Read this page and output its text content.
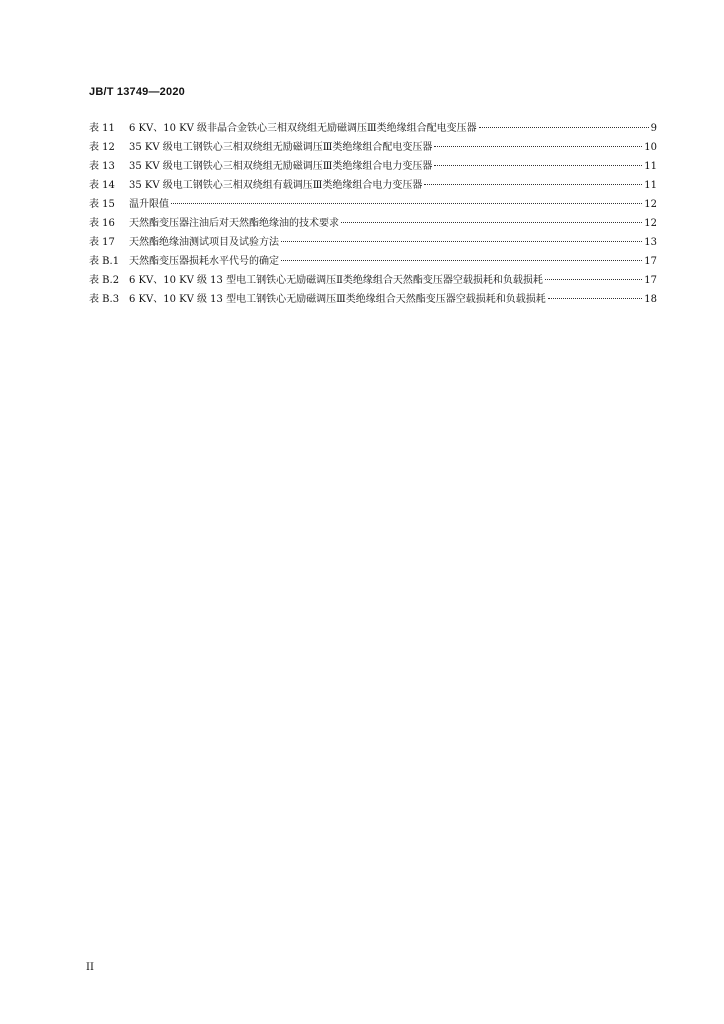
JB/T 13749—2020
表 11	6 KV、10 KV 级非晶合金铁心三相双绕组无励磁调压Ⅲ类绝缘组合配电变压器	9
表 12	35 KV 级电工钢铁心三相双绕组无励磁调压Ⅲ类绝缘组合配电变压器	10
表 13	35 KV 级电工钢铁心三相双绕组无励磁调压Ⅲ类绝缘组合电力变压器	11
表 14	35 KV 级电工钢铁心三相双绕组有载调压Ⅲ类绝缘组合电力变压器	11
表 15	温升限值	12
表 16	天然酯变压器注油后对天然酯绝缘油的技术要求	12
表 17	天然酯绝缘油测试项目及试验方法	13
表 B.1 天然酯变压器损耗水平代号的确定	17
表 B.2 6 KV、10 KV 级 13 型电工钢铁心无励磁调压Ⅱ类绝缘组合天然酯变压器空载损耗和负载损耗	17
表 B.3 6 KV、10 KV 级 13 型电工钢铁心无励磁调压Ⅲ类绝缘组合天然酯变压器空载损耗和负载损耗	18
II
